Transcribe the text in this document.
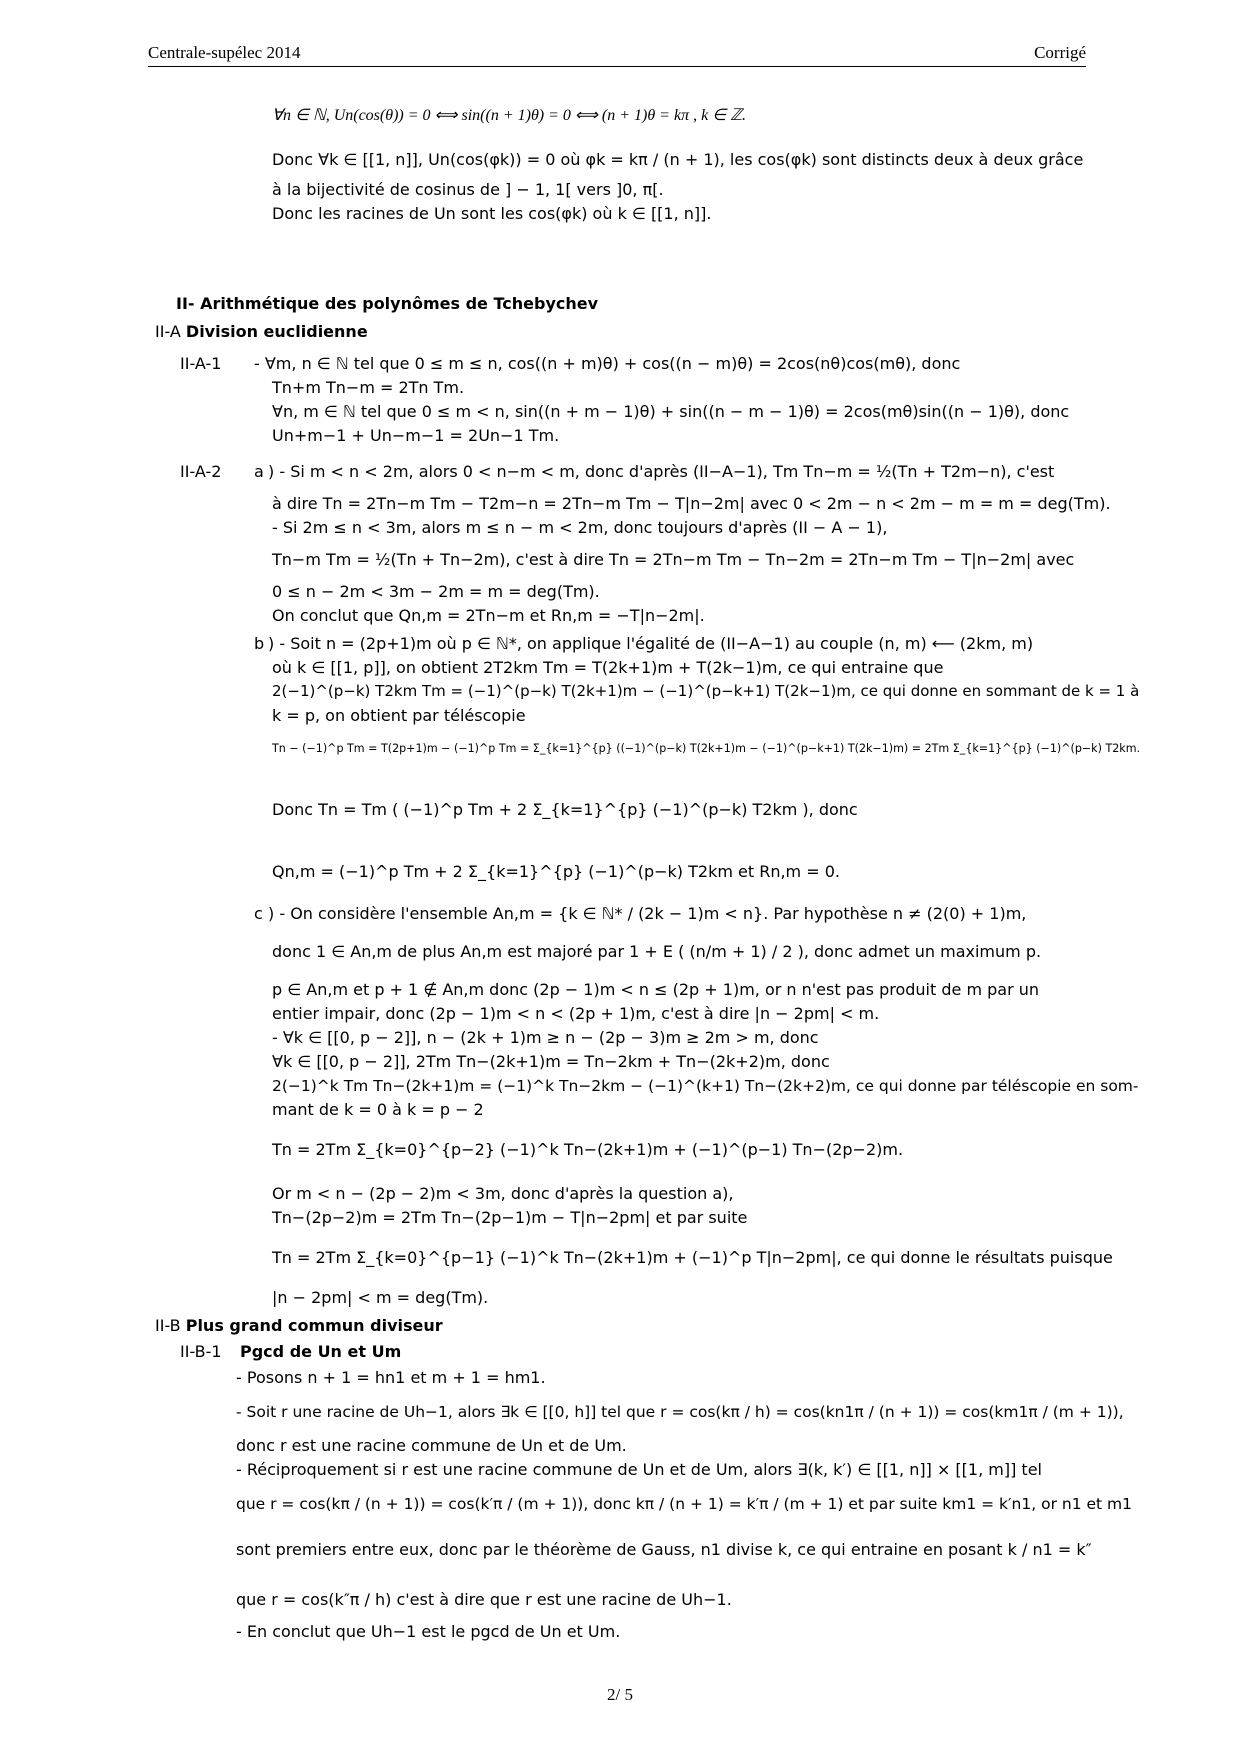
Centrale-supélec 2014	Corrigé
∀n ∈ ℕ, Un(cos(θ)) = 0 ⟺ sin((n + 1)θ) = 0 ⟺ (n + 1)θ = kπ , k ∈ ℤ.
Donc ∀k ∈ [[1, n]], Un(cos(φk)) = 0 où φk = kπ / (n + 1), les cos(φk) sont distincts deux à deux grâce
à la bijectivité de cosinus de ] − 1, 1[ vers ]0, π[.
Donc les racines de Un sont les cos(φk) où k ∈ [[1, n]].
II- Arithmétique des polynômes de Tchebychev
II-A Division euclidienne
II-A-1 - ∀m, n ∈ ℕ tel que 0 ≤ m ≤ n, cos((n + m)θ) + cos((n − m)θ) = 2cos(nθ)cos(mθ), donc
Tn+m Tn−m = 2Tn Tm.
∀n, m ∈ ℕ tel que 0 ≤ m < n, sin((n + m − 1)θ) + sin((n − m − 1)θ) = 2cos(mθ)sin((n − 1)θ), donc
Un+m−1 + Un−m−1 = 2Un−1 Tm.
II-A-2 a ) - Si m < n < 2m, alors 0 < n−m < m, donc d'après (II−A−1), Tm Tn−m = ½(Tn + T2m−n), c'est
à dire Tn = 2Tn−m Tm − T2m−n = 2Tn−m Tm − T|n−2m| avec 0 < 2m − n < 2m − m = m = deg(Tm).
- Si 2m ≤ n < 3m, alors m ≤ n − m < 2m, donc toujours d'après (II − A − 1),
Tn−m Tm = ½(Tn + Tn−2m), c'est à dire Tn = 2Tn−m Tm − Tn−2m = 2Tn−m Tm − T|n−2m| avec
0 ≤ n − 2m < 3m − 2m = m = deg(Tm).
On conclut que Qn,m = 2Tn−m et Rn,m = −T|n−2m|.
b ) - Soit n = (2p+1)m où p ∈ ℕ*, on applique l'égalité de (II−A−1) au couple (n, m) ⟵ (2km, m)
où k ∈ [[1, p]], on obtient 2T2km Tm = T(2k+1)m + T(2k−1)m, ce qui entraine que
2(−1)^(p−k) T2km Tm = (−1)^(p−k) T(2k+1)m − (−1)^(p−k+1) T(2k−1)m, ce qui donne en sommant de k = 1 à
k = p, on obtient par téléscopie
Tn − (−1)^p Tm = T(2p+1)m − (−1)^p Tm = Σ_{k=1}^{p} ((−1)^(p−k) T(2k+1)m − (−1)^(p−k+1) T(2k−1)m) = 2Tm Σ_{k=1}^{p} (−1)^(p−k) T2km.
Donc Tn = Tm ( (−1)^p Tm + 2 Σ_{k=1}^{p} (−1)^(p−k) T2km ), donc
Qn,m = (−1)^p Tm + 2 Σ_{k=1}^{p} (−1)^(p−k) T2km et Rn,m = 0.
c ) - On considère l'ensemble An,m = {k ∈ ℕ* / (2k − 1)m < n}. Par hypothèse n ≠ (2(0) + 1)m,
donc 1 ∈ An,m de plus An,m est majoré par 1 + E ( (n/m + 1) / 2 ), donc admet un maximum p.
p ∈ An,m et p + 1 ∉ An,m donc (2p − 1)m < n ≤ (2p + 1)m, or n n'est pas produit de m par un
entier impair, donc (2p − 1)m < n < (2p + 1)m, c'est à dire |n − 2pm| < m.
- ∀k ∈ [[0, p − 2]], n − (2k + 1)m ≥ n − (2p − 3)m ≥ 2m > m, donc
∀k ∈ [[0, p − 2]], 2Tm Tn−(2k+1)m = Tn−2km + Tn−(2k+2)m, donc
2(−1)^k Tm Tn−(2k+1)m = (−1)^k Tn−2km − (−1)^(k+1) Tn−(2k+2)m, ce qui donne par téléscopie en som-
mant de k = 0 à k = p − 2
Tn = 2Tm Σ_{k=0}^{p−2} (−1)^k Tn−(2k+1)m + (−1)^(p−1) Tn−(2p−2)m.
Or m < n − (2p − 2)m < 3m, donc d'après la question a),
Tn−(2p−2)m = 2Tm Tn−(2p−1)m − T|n−2pm| et par suite
Tn = 2Tm Σ_{k=0}^{p−1} (−1)^k Tn−(2k+1)m + (−1)^p T|n−2pm|, ce qui donne le résultats puisque
|n − 2pm| < m = deg(Tm).
II-B Plus grand commun diviseur
II-B-1 Pgcd de Un et Um
- Posons n + 1 = hn1 et m + 1 = hm1.
- Soit r une racine de Uh−1, alors ∃k ∈ [[0, h]] tel que r = cos(kπ / h) = cos(kn1π / (n + 1)) = cos(km1π / (m + 1)),
donc r est une racine commune de Un et de Um.
- Réciproquement si r est une racine commune de Un et de Um, alors ∃(k, k′) ∈ [[1, n]] × [[1, m]] tel
que r = cos(kπ / (n + 1)) = cos(k′π / (m + 1)), donc kπ / (n + 1) = k′π / (m + 1) et par suite km1 = k′n1, or n1 et m1
sont premiers entre eux, donc par le théorème de Gauss, n1 divise k, ce qui entraine en posant k / n1 = k″
que r = cos(k″π / h) c'est à dire que r est une racine de Uh−1.
- En conclut que Uh−1 est le pgcd de Un et Um.
2/ 5
